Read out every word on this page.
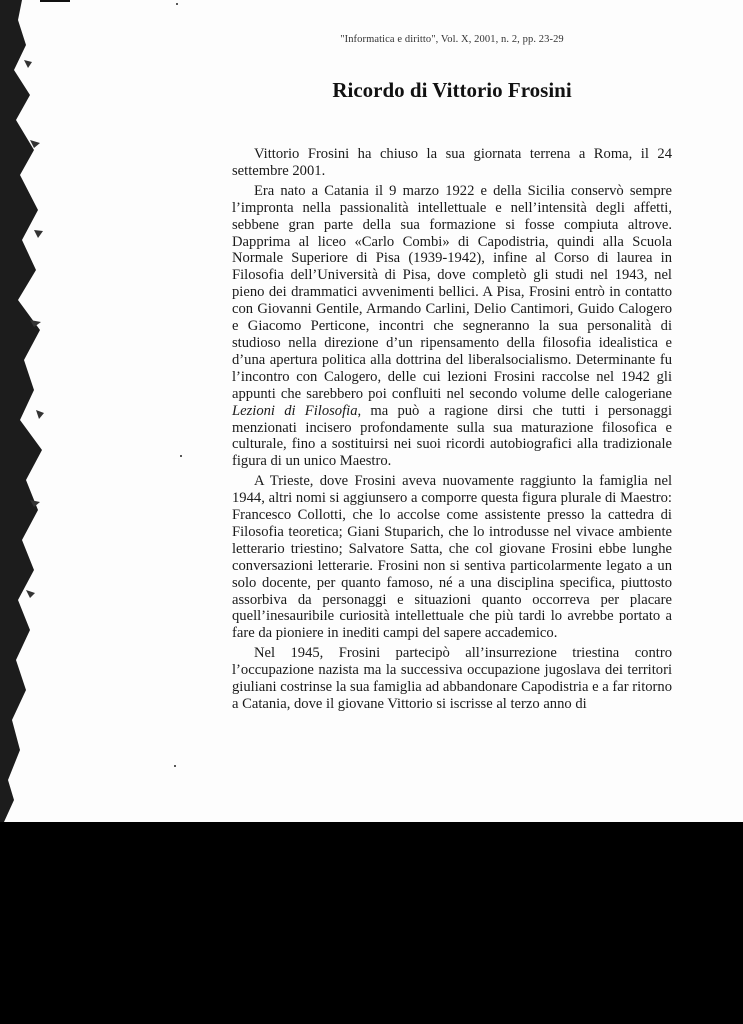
"Informatica e diritto", Vol. X, 2001, n. 2, pp. 23-29
Ricordo di Vittorio Frosini

Vittorio Frosini ha chiuso la sua giornata terrena a Roma, il 24 settembre 2001.

Era nato a Catania il 9 marzo 1922 e della Sicilia conservò sempre l’impronta nella passionalità intellettuale e nell’intensità degli affetti, sebbene gran parte della sua formazione si fosse compiuta altrove. Dapprima al liceo «Carlo Combi» di Capodistria, quindi alla Scuola Normale Superiore di Pisa (1939-1942), infine al Corso di laurea in Filosofia dell’Università di Pisa, dove completò gli studi nel 1943, nel pieno dei drammatici avvenimenti bellici. A Pisa, Frosini entrò in contatto con Giovanni Gentile, Armando Carlini, Delio Cantimori, Guido Calogero e Giacomo Perticone, incontri che segneranno la sua personalità di studioso nella direzione d’un ripensamento della filosofia idealistica e d’una apertura politica alla dottrina del liberalsocialismo. Determinante fu l’incontro con Calogero, delle cui lezioni Frosini raccolse nel 1942 gli appunti che sarebbero poi confluiti nel secondo volume delle calogeriane Lezioni di Filosofia, ma può a ragione dirsi che tutti i personaggi menzionati incisero profondamente sulla sua maturazione filosofica e culturale, fino a sostituirsi nei suoi ricordi autobiografici alla tradizionale figura di un unico Maestro.

A Trieste, dove Frosini aveva nuovamente raggiunto la famiglia nel 1944, altri nomi si aggiunsero a comporre questa figura plurale di Maestro: Francesco Collotti, che lo accolse come assistente presso la cattedra di Filosofia teoretica; Giani Stuparich, che lo introdusse nel vivace ambiente letterario triestino; Salvatore Satta, che col giovane Frosini ebbe lunghe conversazioni letterarie. Frosini non si sentiva particolarmente legato a un solo docente, per quanto famoso, né a una disciplina specifica, piuttosto assorbiva da personaggi e situazioni quanto occorreva per placare quell’inesauribile curiosità intellettuale che più tardi lo avrebbe portato a fare da pioniere in inediti campi del sapere accademico.

Nel 1945, Frosini partecipò all’insurrezione triestina contro l’occupazione nazista ma la successiva occupazione jugoslava dei territori giuliani costrinse la sua famiglia ad abbandonare Capodistria e a far ritorno a Catania, dove il giovane Vittorio si iscrisse al terzo anno di
